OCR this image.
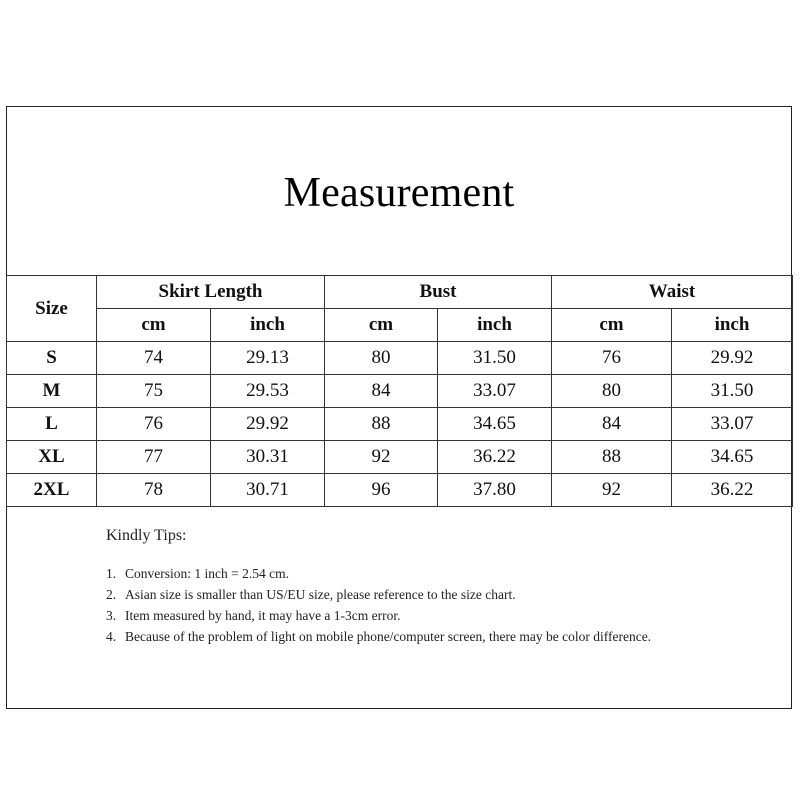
Measurement
Size	Skirt Length		Bust		Waist	
	cm	inch	cm	inch	cm	inch
S	74	29.13	80	31.50	76	29.92
M	75	29.53	84	33.07	80	31.50
L	76	29.92	88	34.65	84	33.07
XL	77	30.31	92	36.22	88	34.65
2XL	78	30.71	96	37.80	92	36.22
Kindly Tips:
1. Conversion: 1 inch = 2.54 cm.
2. Asian size is smaller than US/EU size, please reference to the size chart.
3. Item measured by hand, it may have a 1-3cm error.
4. Because of the problem of light on mobile phone/computer screen, there may be color difference.
